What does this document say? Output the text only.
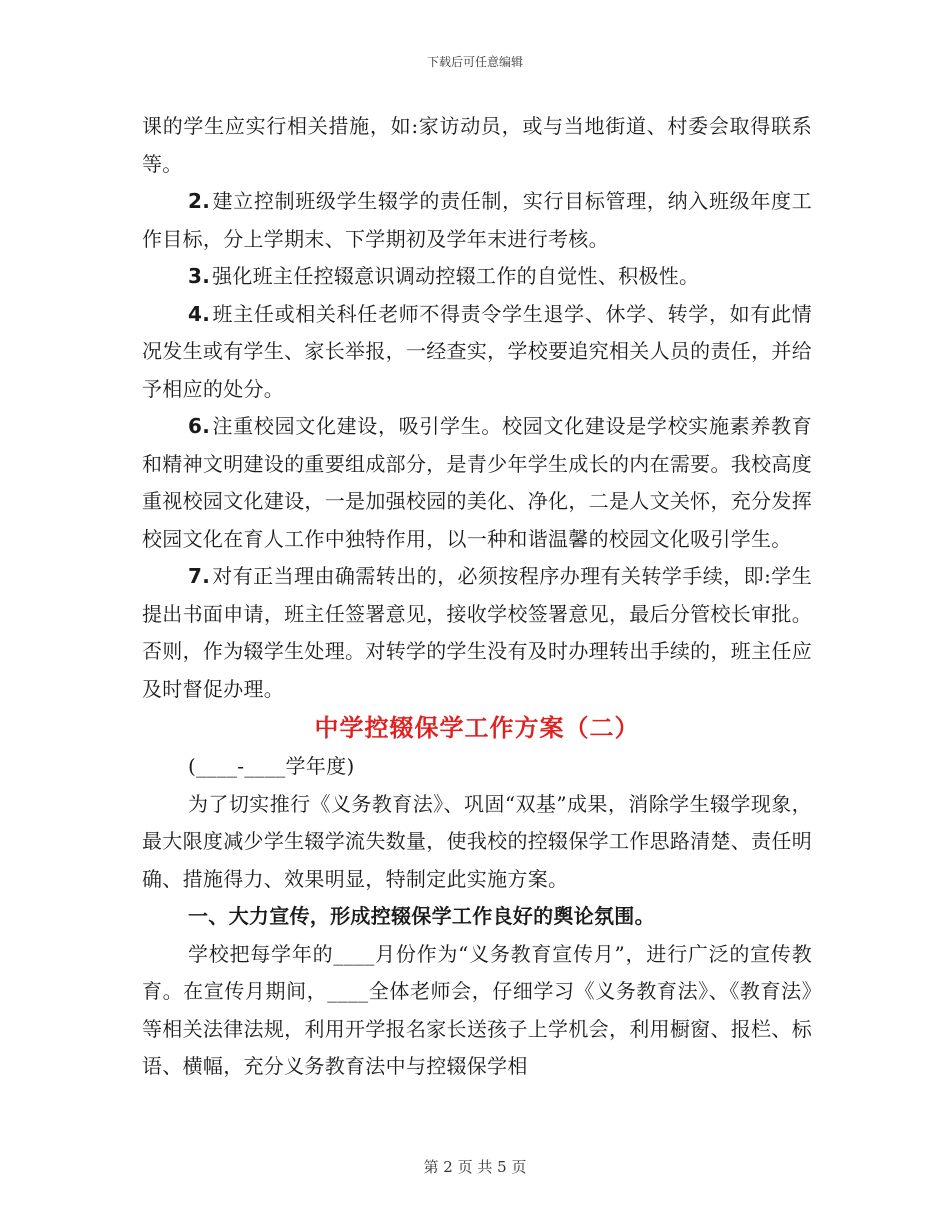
下载后可任意编辑

课的学生应实行相关措施，如:家访动员，或与当地街道、村委会取得联系等。

2. 建立控制班级学生辍学的责任制，实行目标管理，纳入班级年度工作目标，分上学期末、下学期初及学年末进行考核。

3. 强化班主任控辍意识调动控辍工作的自觉性、积极性。

4. 班主任或相关科任老师不得责令学生退学、休学、转学，如有此情况发生或有学生、家长举报，一经查实，学校要追究相关人员的责任，并给予相应的处分。

6. 注重校园文化建设，吸引学生。校园文化建设是学校实施素养教育和精神文明建设的重要组成部分，是青少年学生成长的内在需要。我校高度重视校园文化建设，一是加强校园的美化、净化，二是人文关怀，充分发挥校园文化在育人工作中独特作用，以一种和谐温馨的校园文化吸引学生。

7. 对有正当理由确需转出的，必须按程序办理有关转学手续，即:学生提出书面申请，班主任签署意见，接收学校签署意见，最后分管校长审批。否则，作为辍学生处理。对转学的学生没有及时办理转出手续的，班主任应及时督促办理。

中学控辍保学工作方案（二）

(____-____学年度)

为了切实推行《义务教育法》、巩固“双基”成果，消除学生辍学现象，最大限度减少学生辍学流失数量，使我校的控辍保学工作思路清楚、责任明确、措施得力、效果明显，特制定此实施方案。

一、大力宣传，形成控辍保学工作良好的舆论氛围。

学校把每学年的____月份作为“义务教育宣传月”，进行广泛的宣传教育。在宣传月期间，____全体老师会，仔细学习《义务教育法》、《教育法》等相关法律法规，利用开学报名家长送孩子上学机会，利用橱窗、报栏、标语、横幅，充分义务教育法中与控辍保学相

第 2 页 共 5 页
